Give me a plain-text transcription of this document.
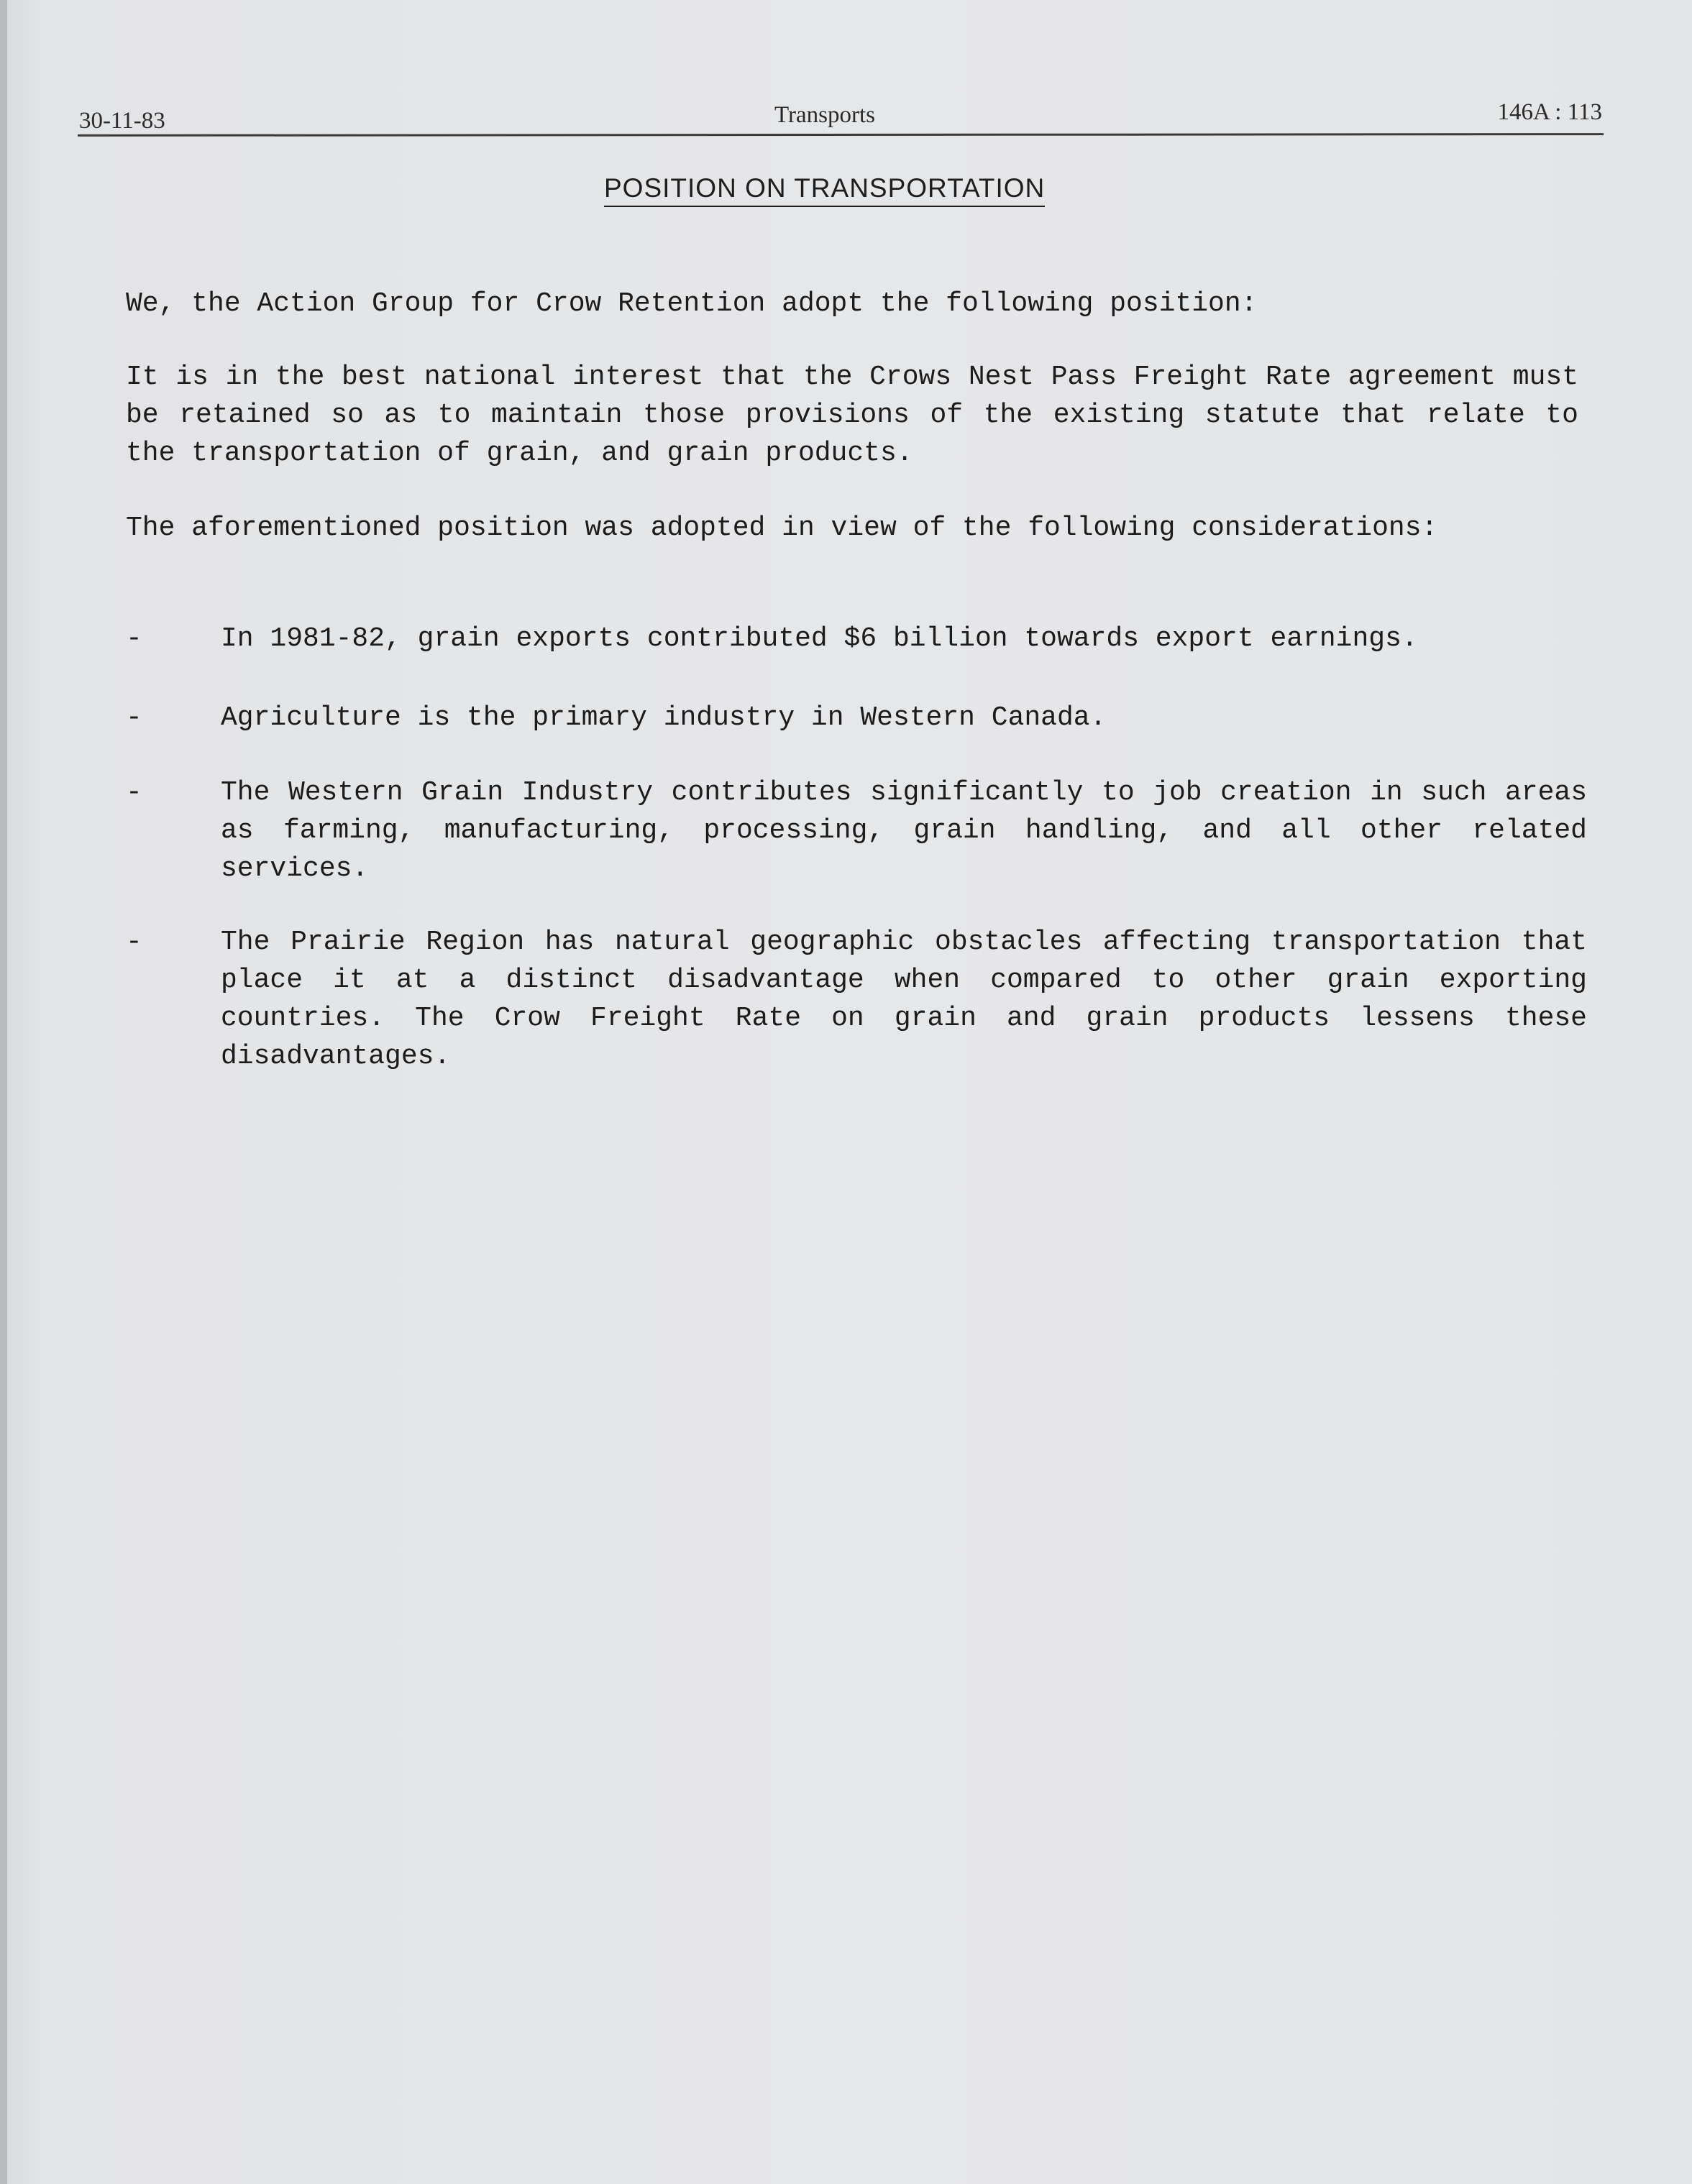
30-11-83	Transports	146A : 113
POSITION ON TRANSPORTATION

We, the Action Group for Crow Retention adopt the following position:

It is in the best national interest that the Crows Nest Pass Freight Rate agreement must be retained so as to maintain those provisions of the existing statute that relate to the transportation of grain, and grain products.

The aforementioned position was adopted in view of the following considerations:

-	In 1981-82, grain exports contributed $6 billion towards export earnings.
-	Agriculture is the primary industry in Western Canada.
-	The Western Grain Industry contributes significantly to job creation in such areas as farming, manufacturing, processing, grain handling, and all other related services.
-	The Prairie Region has natural geographic obstacles affecting transportation that place it at a distinct disadvantage when compared to other grain exporting countries. The Crow Freight Rate on grain and grain products lessens these disadvantages.
